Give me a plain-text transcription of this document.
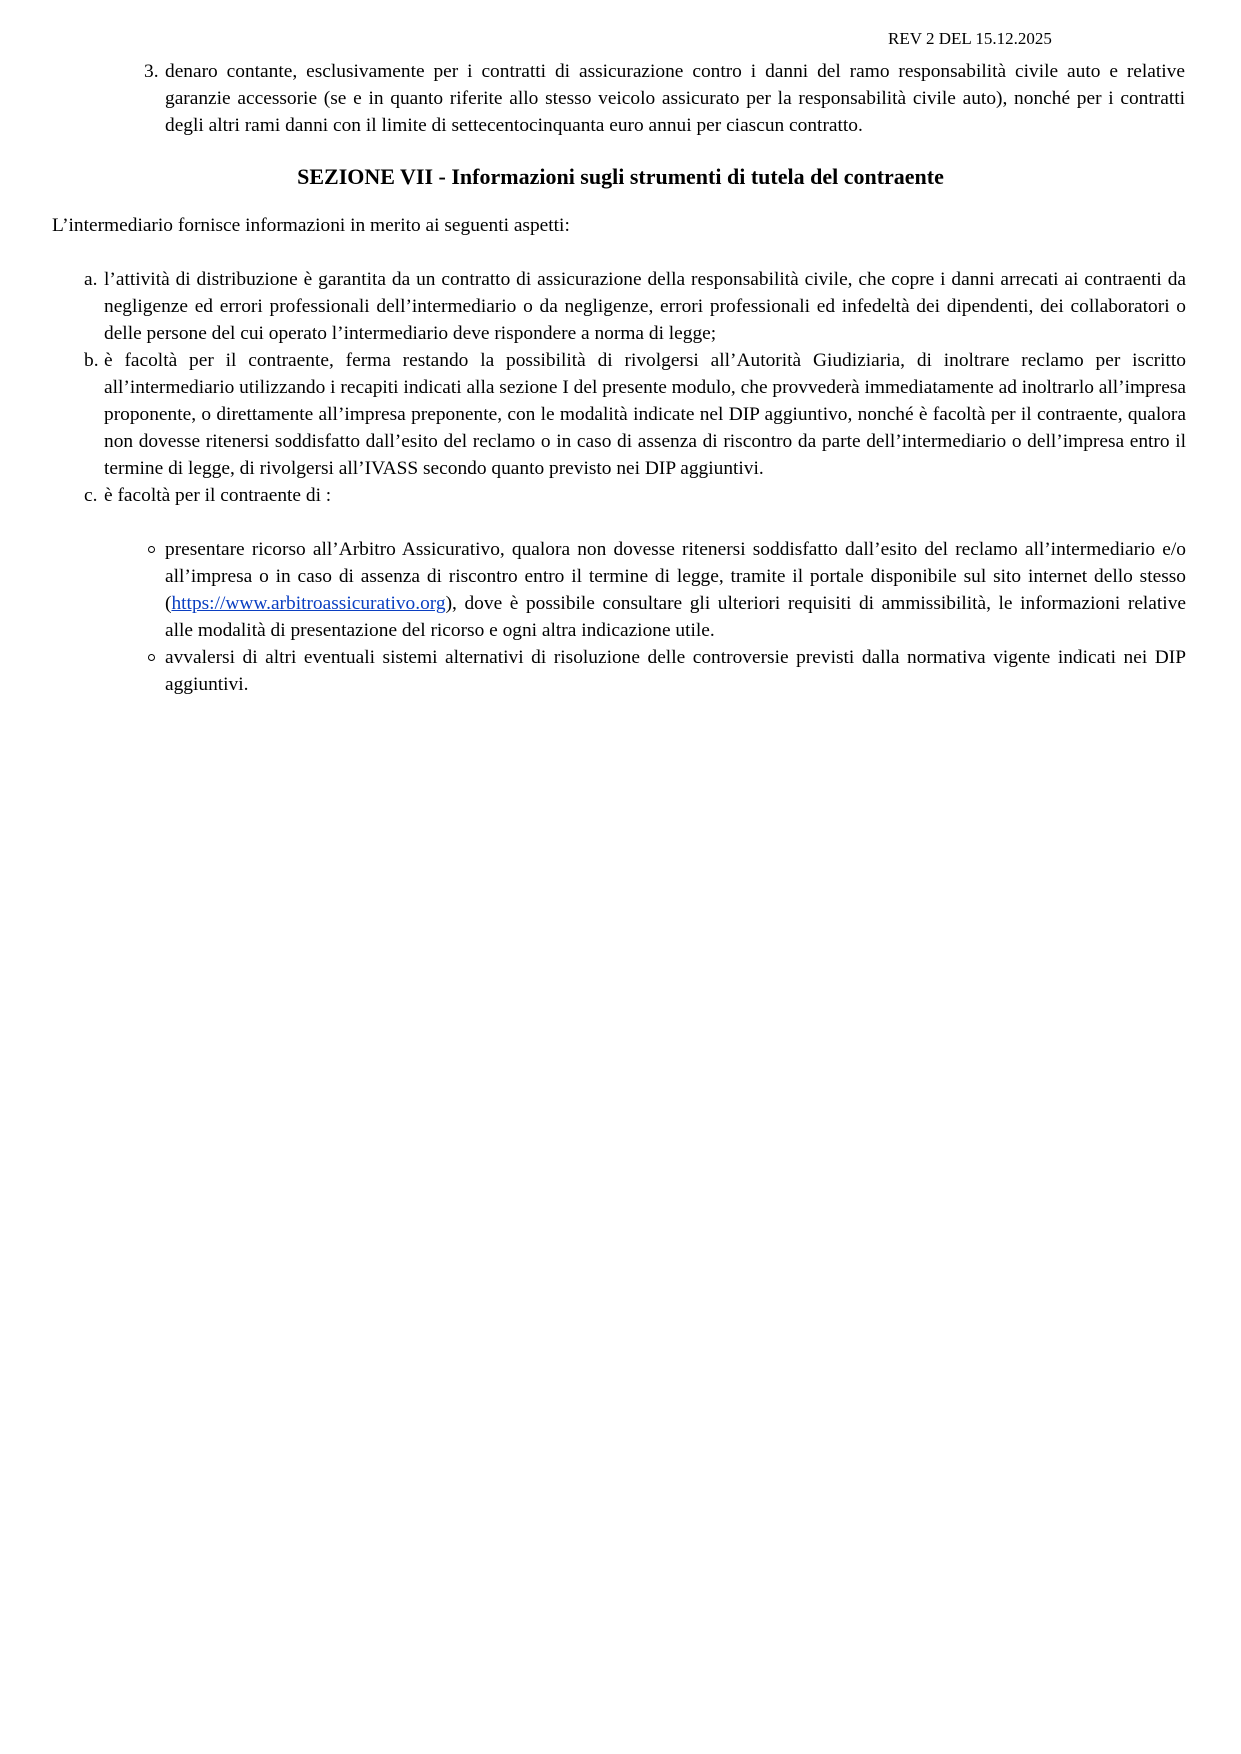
REV 2 DEL 15.12.2025
3. denaro contante, esclusivamente per i contratti di assicurazione contro i danni del ramo responsabilità civile auto e relative garanzie accessorie (se e in quanto riferite allo stesso veicolo assicurato per la responsabilità civile auto), nonché per i contratti degli altri rami danni con il limite di settecentocinquanta euro annui per ciascun contratto.
SEZIONE VII - Informazioni sugli strumenti di tutela del contraente
L’intermediario fornisce informazioni in merito ai seguenti aspetti:
a. l’attività di distribuzione è garantita da un contratto di assicurazione della responsabilità civile, che copre i danni arrecati ai contraenti da negligenze ed errori professionali dell’intermediario o da negligenze, errori professionali ed infedeltà dei dipendenti, dei collaboratori o delle persone del cui operato l’intermediario deve rispondere a norma di legge;
b. è facoltà per il contraente, ferma restando la possibilità di rivolgersi all’Autorità Giudiziaria, di inoltrare reclamo per iscritto all’intermediario utilizzando i recapiti indicati alla sezione I del presente modulo, che provvederà immediatamente ad inoltrarlo all’impresa proponente, o direttamente all’impresa preponente, con le modalità indicate nel DIP aggiuntivo, nonché è facoltà per il contraente, qualora non dovesse ritenersi soddisfatto dall’esito del reclamo o in caso di assenza di riscontro da parte dell’intermediario o dell’impresa entro il termine di legge, di rivolgersi all’IVASS secondo quanto previsto nei DIP aggiuntivi.
c. è facoltà per il contraente di :
presentare ricorso all’Arbitro Assicurativo, qualora non dovesse ritenersi soddisfatto dall’esito del reclamo all’intermediario e/o all’impresa o in caso di assenza di riscontro entro il termine di legge, tramite il portale disponibile sul sito internet dello stesso (https://www.arbitroassicurativo.org), dove è possibile consultare gli ulteriori requisiti di ammissibilità, le informazioni relative alle modalità di presentazione del ricorso e ogni altra indicazione utile.
avvalersi di altri eventuali sistemi alternativi di risoluzione delle controversie previsti dalla normativa vigente indicati nei DIP aggiuntivi.
